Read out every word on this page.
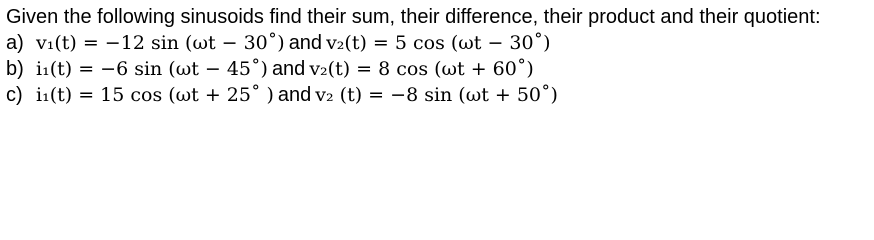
Given the following sinusoids find their sum, their difference, their product and their quotient:

a) v₁(t) = −12 sin (ωt − 30˚) and v₂(t) = 5 cos (ωt − 30˚)
b) i₁(t) = −6 sin (ωt − 45˚) and v₂(t) = 8 cos (ωt + 60˚)
c) i₁(t) = 15 cos (ωt + 25˚ ) and v₂ (t) = −8 sin (ωt + 50˚)
